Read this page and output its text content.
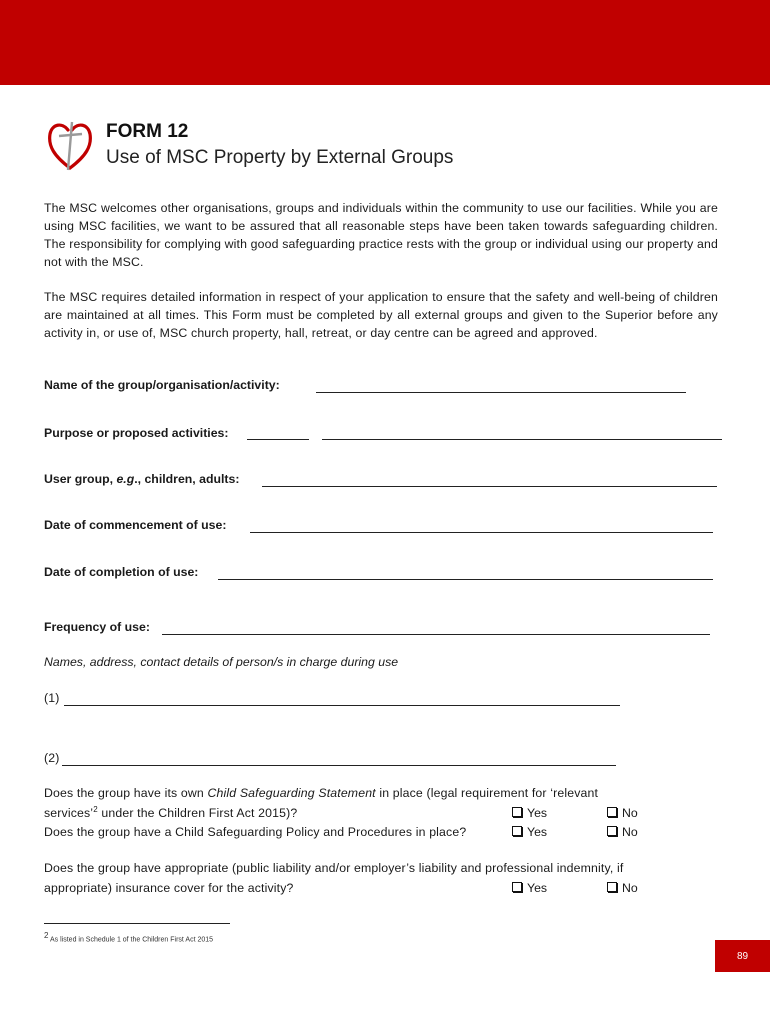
FORM 12
Use of MSC Property by External Groups

The MSC welcomes other organisations, groups and individuals within the community to use our facilities. While you are using MSC facilities, we want to be assured that all reasonable steps have been taken towards safeguarding children. The responsibility for complying with good safeguarding practice rests with the group or individual using our property and not with the MSC.

The MSC requires detailed information in respect of your application to ensure that the safety and well-being of children are maintained at all times. This Form must be completed by all external groups and given to the Superior before any activity in, or use of, MSC church property, hall, retreat, or day centre can be agreed and approved.

Name of the group/organisation/activity:
Purpose or proposed activities:
User group, e.g., children, adults:
Date of commencement of use:
Date of completion of use:
Frequency of use:
Names, address, contact details of person/s in charge during use
(1)
(2)
Does the group have its own Child Safeguarding Statement in place (legal requirement for ‘relevant
services’$^2$ under the Children First Act 2015)?	Yes	No
Does the group have a Child Safeguarding Policy and Procedures in place?	Yes	No
Does the group have appropriate (public liability and/or employer’s liability and professional indemnity, if
appropriate) insurance cover for the activity?	Yes	No
$^2$ As listed in Schedule 1 of the Children First Act 2015
89
